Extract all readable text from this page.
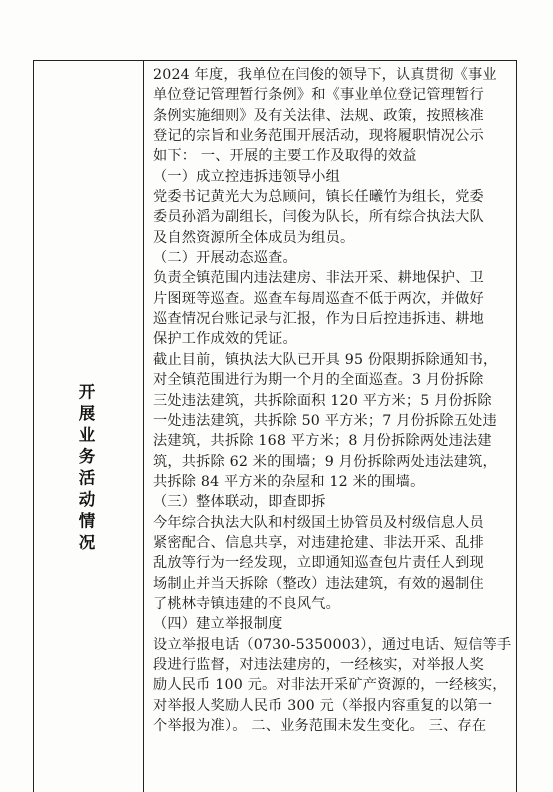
开展业务活动情况
2024 年度，我单位在闫俊的领导下，认真贯彻《事业
单位登记管理暂行条例》和《事业单位登记管理暂行
条例实施细则》及有关法律、法规、政策，按照核准
登记的宗旨和业务范围开展活动，现将履职情况公示
如下： 一、开展的主要工作及取得的效益
（一）成立控违拆违领导小组
党委书记黄光大为总顾问，镇长任曦竹为组长，党委
委员孙滔为副组长，闫俊为队长，所有综合执法大队
及自然资源所全体成员为组员。
（二）开展动态巡查。
负责全镇范围内违法建房、非法开采、耕地保护、卫
片图斑等巡查。巡查车每周巡查不低于两次，并做好
巡查情况台账记录与汇报，作为日后控违拆违、耕地
保护工作成效的凭证。
截止目前，镇执法大队已开具 95 份限期拆除通知书，
对全镇范围进行为期一个月的全面巡查。3 月份拆除
三处违法建筑，共拆除面积 120 平方米；5 月份拆除
一处违法建筑，共拆除 50 平方米；7 月份拆除五处违
法建筑，共拆除 168 平方米；8 月份拆除两处违法建
筑，共拆除 62 米的围墙；9 月份拆除两处违法建筑，
共拆除 84 平方米的杂屋和 12 米的围墙。
（三）整体联动，即查即拆
今年综合执法大队和村级国土协管员及村级信息人员
紧密配合、信息共享，对违建抢建、非法开采、乱排
乱放等行为一经发现，立即通知巡查包片责任人到现
场制止并当天拆除（整改）违法建筑，有效的遏制住
了桃林寺镇违建的不良风气。
（四）建立举报制度
设立举报电话（0730-5350003），通过电话、短信等手
段进行监督，对违法建房的，一经核实，对举报人奖
励人民币 100 元。对非法开采矿产资源的，一经核实，
对举报人奖励人民币 300 元（举报内容重复的以第一
个举报为准）。 二、业务范围未发生变化。 三、存在
